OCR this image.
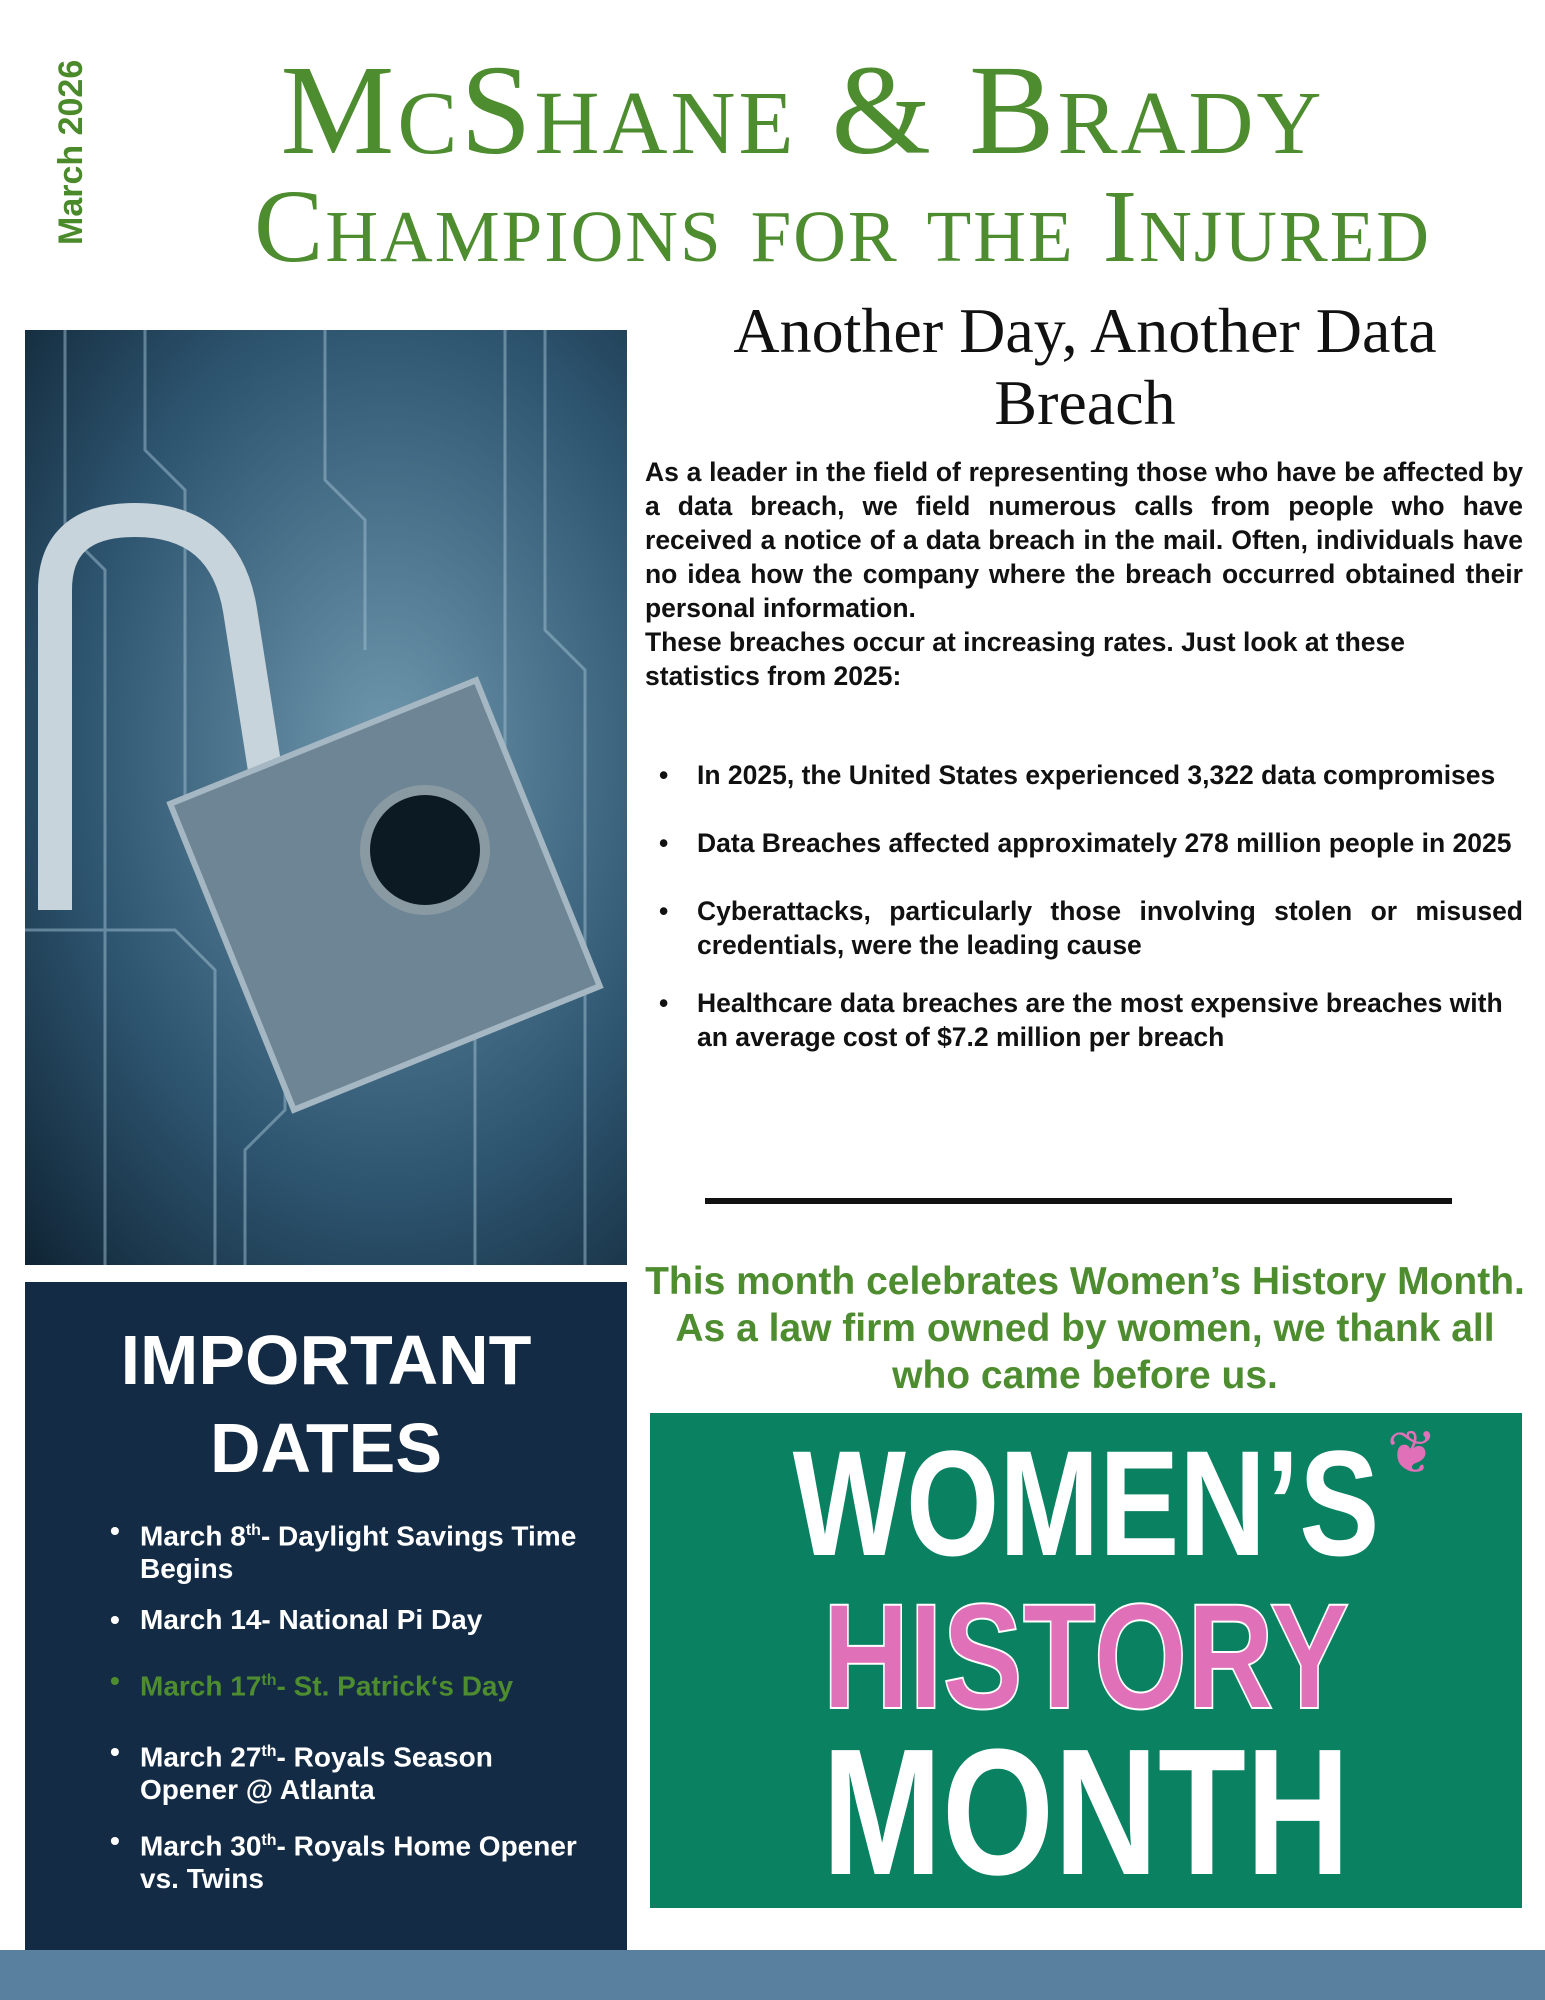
March 2026	McShane & Brady
Champions for the Injured
IMPORTANT
DATES
• March 8th- Daylight Savings Time Begins
• March 14- National Pi Day
• March 17th- St. Patrick‘s Day
• March 27th- Royals Season Opener @ Atlanta
• March 30th- Royals Home Opener vs. Twins
Another Day, Another Data Breach

As a leader in the field of representing those who have be affected by a data breach, we field numerous calls from people who have received a notice of a data breach in the mail. Often, individuals have no idea how the company where the breach occurred obtained their personal information.

These breaches occur at increasing rates. Just look at these statistics from 2025:

• In 2025, the United States experienced 3,322 data compromises
• Data Breaches affected approximately 278 million people in 2025
• Cyberattacks, particularly those involving stolen or misused credentials, were the leading cause
• Healthcare data breaches are the most expensive breaches with an average cost of $7.2 million per breach
This month celebrates Women’s History Month. As a law firm owned by women, we thank all who came before us.
WOMEN’S
HISTORY
MONTH
❦
